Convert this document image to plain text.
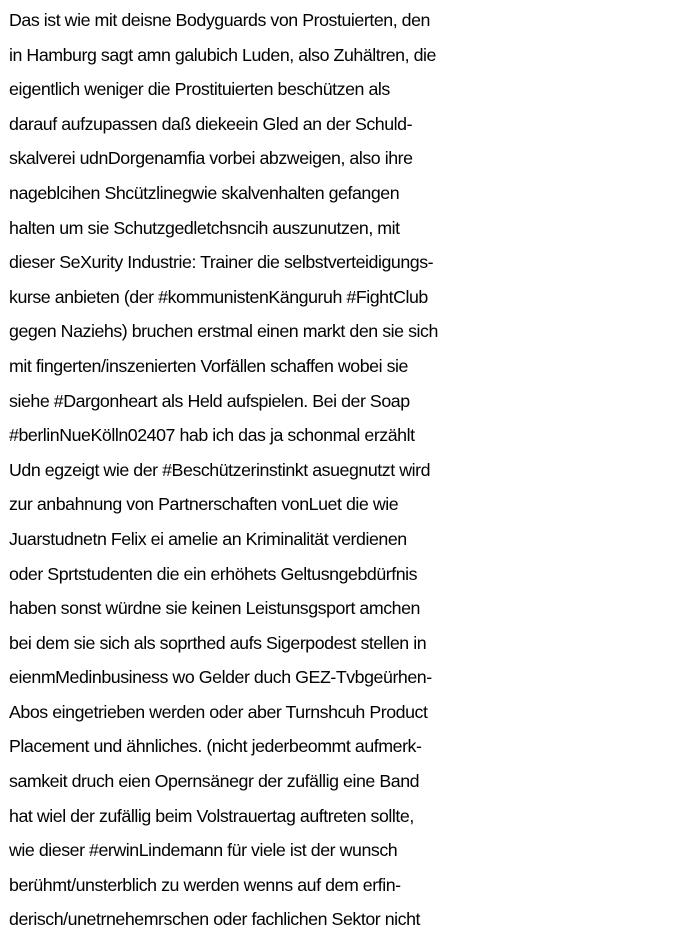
Das ist wie mit deisne Bodyguards von Prostuierten, den
in Hamburg sagt amn galubich Luden, also Zuhältren, die
eigentlich weniger die Prostituierten beschützen als
darauf aufzupassen daß diekeein Gled an der Schuld-
skalverei udnDorgenamfia vorbei abzweigen, also ihre
nageblcihen Shcützlinegwie skalvenhalten gefangen
halten um sie Schutzgedletchsncih auszunutzen, mit
dieser SeXurity Industrie: Trainer die selbstverteidigungs-
kurse anbieten (der #kommunistenKänguruh #FightClub
gegen Naziehs) bruchen erstmal einen markt den sie sich
mit fingerten/inszenierten Vorfällen schaffen wobei sie
siehe #Dargonheart als Held aufspielen. Bei der Soap
#berlinNueKölln02407 hab ich das ja schonmal erzählt
Udn egzeigt wie der #Beschützerinstinkt asuegnutzt wird
zur anbahnung von Partnerschaften vonLuet die wie
Juarstudnetn Felix ei amelie an Kriminalität verdienen
oder Sprtstudenten die ein erhöhets Geltusngebdürfnis
haben sonst würdne sie keinen Leistunsgsport amchen
bei dem sie sich als soprthed aufs Sigerpodest stellen in
eienmMedinbusiness wo Gelder duch GEZ-Tvbgeürhen-
Abos eingetrieben werden oder aber Turnshcuh Product
Placement und ähnliches. (nicht jederbeommt aufmerk-
samkeit druch eien Opernsänegr der zufällig eine Band
hat wiel der zufällig beim Volstrauertag auftreten sollte,
wie dieser #erwinLindemann für viele ist der wunsch
berühmt/unsterblich zu werden wenns auf dem erfin-
derisch/unetrnehemrschen oder fachlichen Sektor nicht
